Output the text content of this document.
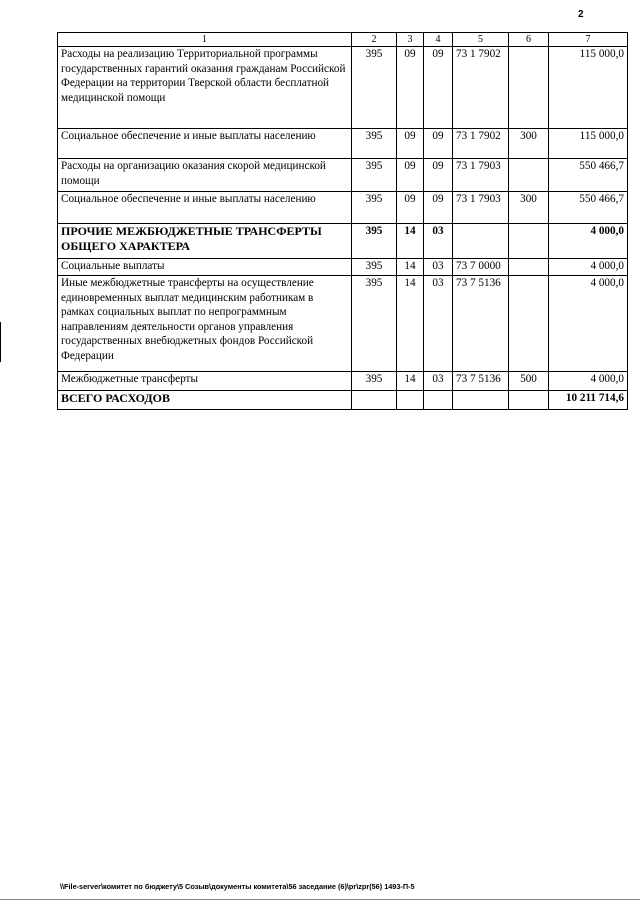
2
1	2	3	4	5	6	7
Расходы на реализацию Территориальной программы государственных гарантий оказания гражданам Российской Федерации на территории Тверской области бесплатной медицинской помощи	395	09	09	73 1 7902		115 000,0
Социальное обеспечение и иные выплаты населению	395	09	09	73 1 7902	300	115 000,0
Расходы на организацию оказания скорой медицинской помощи	395	09	09	73 1 7903		550 466,7
Социальное обеспечение и иные выплаты населению	395	09	09	73 1 7903	300	550 466,7
ПРОЧИЕ МЕЖБЮДЖЕТНЫЕ ТРАНСФЕРТЫ ОБЩЕГО ХАРАКТЕРА	395	14	03			4 000,0
Социальные выплаты	395	14	03	73 7 0000		4 000,0
Иные межбюджетные трансферты на осуществление единовременных выплат медицинским работникам в рамках социальных выплат по непрограммным направлениям деятельности органов управления государственных внебюджетных фондов Российской Федерации	395	14	03	73 7 5136		4 000,0
Межбюджетные трансферты	395	14	03	73 7 5136	500	4 000,0
ВСЕГО РАСХОДОВ						10 211 714,6
\\File-server\комитет по бюджету\5 Созыв\документы комитета\56 заседание (6)\pr\zpr(56) 1493-П-5
